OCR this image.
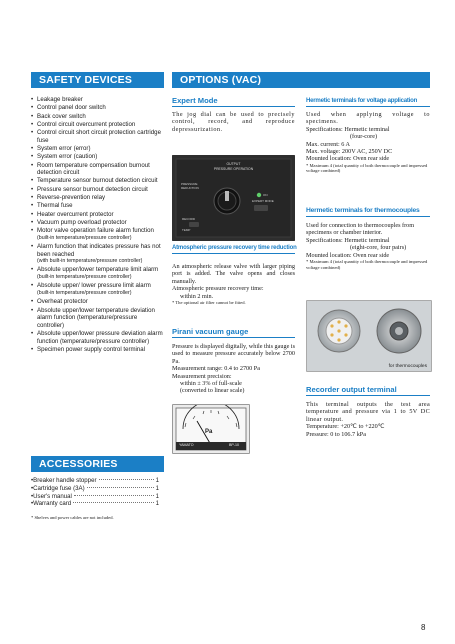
SAFETY DEVICES
• Leakage breaker
• Control panel door switch
• Back cover switch
• Control circuit overcurrent protection
• Control circuit short circuit protection cartridge fuse
• System error (error)
• System error (caution)
• Room temperature compensation burnout detection circuit
• Temperature sensor burnout detection circuit
• Pressure sensor burnout detection circuit
• Reverse-prevention relay
• Thermal fuse
• Heater overcurrent protector
• Vacuum pump overload protector
• Motor valve operation failure alarm function
(built-in temperature/pressure controller)
• Alarm function that indicates pressure has not been reached
(with built-in temperature/pressure controller)
• Absolute upper/lower temperature limit alarm
(built-in temperature/pressure controller)
• Absolute upper/ lower pressure limit alarm
(built-in temperature/pressure controller)
• Overheat protector
• Absolute upper/lower temperature deviation alarm function (temperature/pressure controller)
• Absolute upper/lower pressure deviation alarm function (temperature/pressure controller)
• Specimen power supply control terminal
ACCESSORIES
• Breaker handle stopper	1
• Cartridge fuse (3A)	1
• User's manual	1
• Warranty card	1
* Shelves and power cables are not included.
OPTIONS (VAC)
Expert Mode
The jog dial can be used to precisely control, record, and reproduce depressurization.
OUTPUT
PRESSURE OPERATION
PRESSURE
REDUCTION
ON
EXPERT MODE
RECORD
TEMP
Atmospheric pressure recovery time reduction
An atmospheric release valve with larger piping port is added. The valve opens and closes manually.
Atmospheric pressure recovery time:
within 2 min.
* The optional air filter cannot be fitted.
Pirani vacuum gauge
Pressure is displayed digitally, while this gauge is used to measure pressure accurately below 2700 Pa.
Measurement range: 0.4 to 2700 Pa
Measurement precision:
within ± 3% of full-scale
(converted to linear scale)
Pa
YAMATO	BP-10
Hermetic terminals for voltage application
Used when applying voltage to specimens.
Specifications: Hermetic terminal
(four-core)
Max. current: 6 A
Max. voltage: 200V AC, 250V DC
Mounted location: Oven rear side
* Maximum 4 (total quantity of both thermocouple and impressed voltage combined)
Hermetic terminals for thermocouples
Used for connection to thermocouples from specimens or chamber interior.
Specifications: Hermetic terminal
(eight-core, four pairs)
Mounted location: Oven rear side
* Maximum 4 (total quantity of both thermocouple and impressed voltage combined)
for thermocouples
Recorder output terminal
This terminal outputs the test area temperature and pressure via 1 to 5V DC linear output.
Temperature: +20℃ to +220℃
Pressure: 0 to 106.7 kPa
8
